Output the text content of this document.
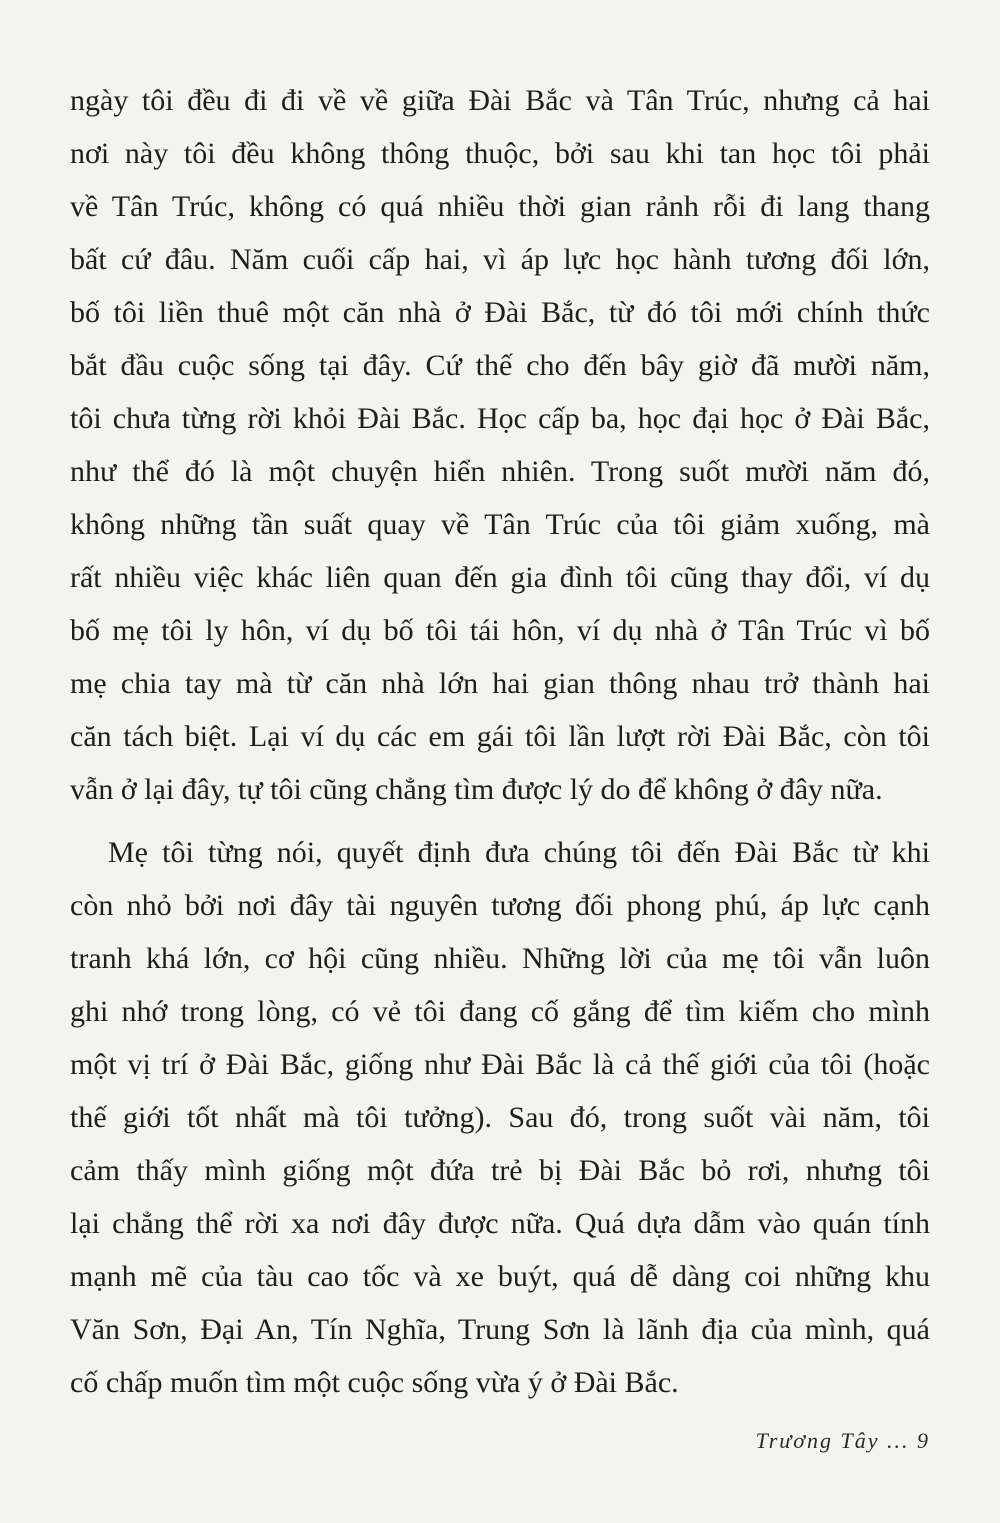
ngày tôi đều đi đi về về giữa Đài Bắc và Tân Trúc, nhưng cả hai
nơi này tôi đều không thông thuộc, bởi sau khi tan học tôi phải
về Tân Trúc, không có quá nhiều thời gian rảnh rỗi đi lang thang
bất cứ đâu. Năm cuối cấp hai, vì áp lực học hành tương đối lớn,
bố tôi liền thuê một căn nhà ở Đài Bắc, từ đó tôi mới chính thức
bắt đầu cuộc sống tại đây. Cứ thế cho đến bây giờ đã mười năm,
tôi chưa từng rời khỏi Đài Bắc. Học cấp ba, học đại học ở Đài Bắc,
như thể đó là một chuyện hiển nhiên. Trong suốt mười năm đó,
không những tần suất quay về Tân Trúc của tôi giảm xuống, mà
rất nhiều việc khác liên quan đến gia đình tôi cũng thay đổi, ví dụ
bố mẹ tôi ly hôn, ví dụ bố tôi tái hôn, ví dụ nhà ở Tân Trúc vì bố
mẹ chia tay mà từ căn nhà lớn hai gian thông nhau trở thành hai
căn tách biệt. Lại ví dụ các em gái tôi lần lượt rời Đài Bắc, còn tôi
vẫn ở lại đây, tự tôi cũng chẳng tìm được lý do để không ở đây nữa.
Mẹ tôi từng nói, quyết định đưa chúng tôi đến Đài Bắc từ khi
còn nhỏ bởi nơi đây tài nguyên tương đối phong phú, áp lực cạnh
tranh khá lớn, cơ hội cũng nhiều. Những lời của mẹ tôi vẫn luôn
ghi nhớ trong lòng, có vẻ tôi đang cố gắng để tìm kiếm cho mình
một vị trí ở Đài Bắc, giống như Đài Bắc là cả thế giới của tôi (hoặc
thế giới tốt nhất mà tôi tưởng). Sau đó, trong suốt vài năm, tôi
cảm thấy mình giống một đứa trẻ bị Đài Bắc bỏ rơi, nhưng tôi
lại chẳng thể rời xa nơi đây được nữa. Quá dựa dẫm vào quán tính
mạnh mẽ của tàu cao tốc và xe buýt, quá dễ dàng coi những khu
Văn Sơn, Đại An, Tín Nghĩa, Trung Sơn là lãnh địa của mình, quá
cố chấp muốn tìm một cuộc sống vừa ý ở Đài Bắc.
Trương Tây ... 9
